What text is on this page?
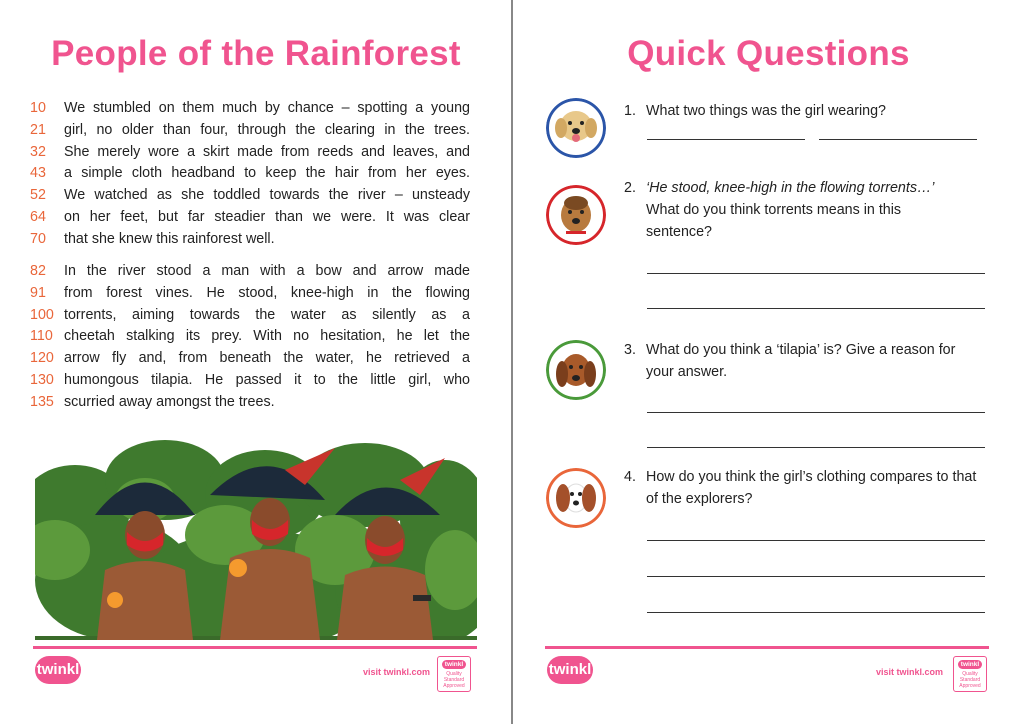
People of the Rainforest
10	We stumbled on them much by chance – spotting a young
21	girl, no older than four, through the clearing in the trees.
32	She merely wore a skirt made from reeds and leaves, and
43	a simple cloth headband to keep the hair from her eyes.
52	We watched as she toddled towards the river – unsteady
64	on her feet, but far steadier than we were. It was clear
70	that she knew this rainforest well.
82	In the river stood a man with a bow and arrow made
91	from forest vines. He stood, knee-high in the flowing
100 torrents, aiming towards the water as silently as a
110 cheetah stalking its prey. With no hesitation, he let the
120 arrow fly and, from beneath the water, he retrieved a
130 humongous tilapia. He passed it to the little girl, who
135 scurried away amongst the trees.
twinkl	visit twinkl.com
twinkl
Quality Standard Approved
Quick Questions
1. What two things was the girl wearing?
2. ‘He stood, knee-high in the flowing torrents…’
What do you think torrents means in this sentence?
3. What do you think a ‘tilapia’ is? Give a reason for your answer.
4. How do you think the girl’s clothing compares to that of the explorers?
twinkl	visit twinkl.com
twinkl
Quality Standard Approved
